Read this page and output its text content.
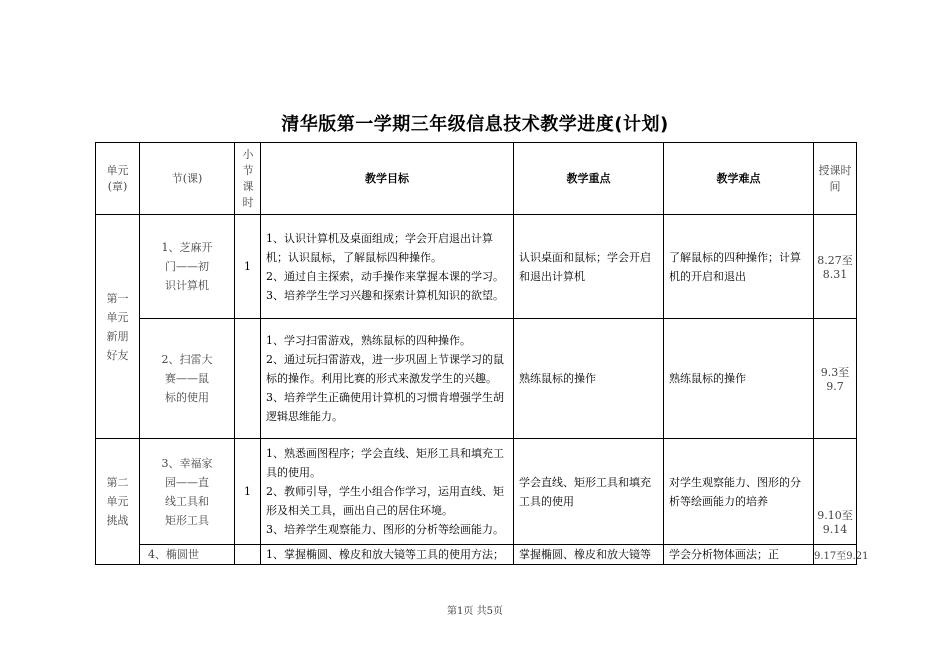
清华版第一学期三年级信息技术教学进度(计划)
单元(章)	节(课)	小节课时	教学目标	教学重点	教学难点	授课时间
第一单元新朋好友	1、芝麻开门——初识计算机	1	1、认识计算机及桌面组成；学会开启退出计算机；认识鼠标，了解鼠标四种操作。
2、通过自主探索，动手操作来掌握本课的学习。
3、培养学生学习兴趣和探索计算机知识的欲望。	认识桌面和鼠标；学会开启和退出计算机	了解鼠标的四种操作；计算机的开启和退出	8.27至8.31
	2、扫雷大赛——鼠标的使用		1、学习扫雷游戏，熟练鼠标的四种操作。
2、通过玩扫雷游戏，进一步巩固上节课学习的鼠标的操作。利用比赛的形式来激发学生的兴趣。
3、培养学生正确使用计算机的习惯肯增强学生胡逻辑思维能力。	熟练鼠标的操作	熟练鼠标的操作	9.3至9.7
第二单元挑战	3、幸福家园——直线工具和矩形工具	1	1、熟悉画图程序；学会直线、矩形工具和填充工具的使用。
2、教师引导，学生小组合作学习，运用直线、矩形及相关工具，画出自己的居住环境。
3、培养学生观察能力、图形的分析等绘画能力。	学会直线、矩形工具和填充工具的使用	对学生观察能力、图形的分析等绘画能力的培养	9.10至9.14
	4、椭圆世		1、掌握椭圆、橡皮和放大镜等工具的使用方法；	掌握椭圆、橡皮和放大镜等	学会分析物体画法；正	9.17至9.21
第1页 共5页
